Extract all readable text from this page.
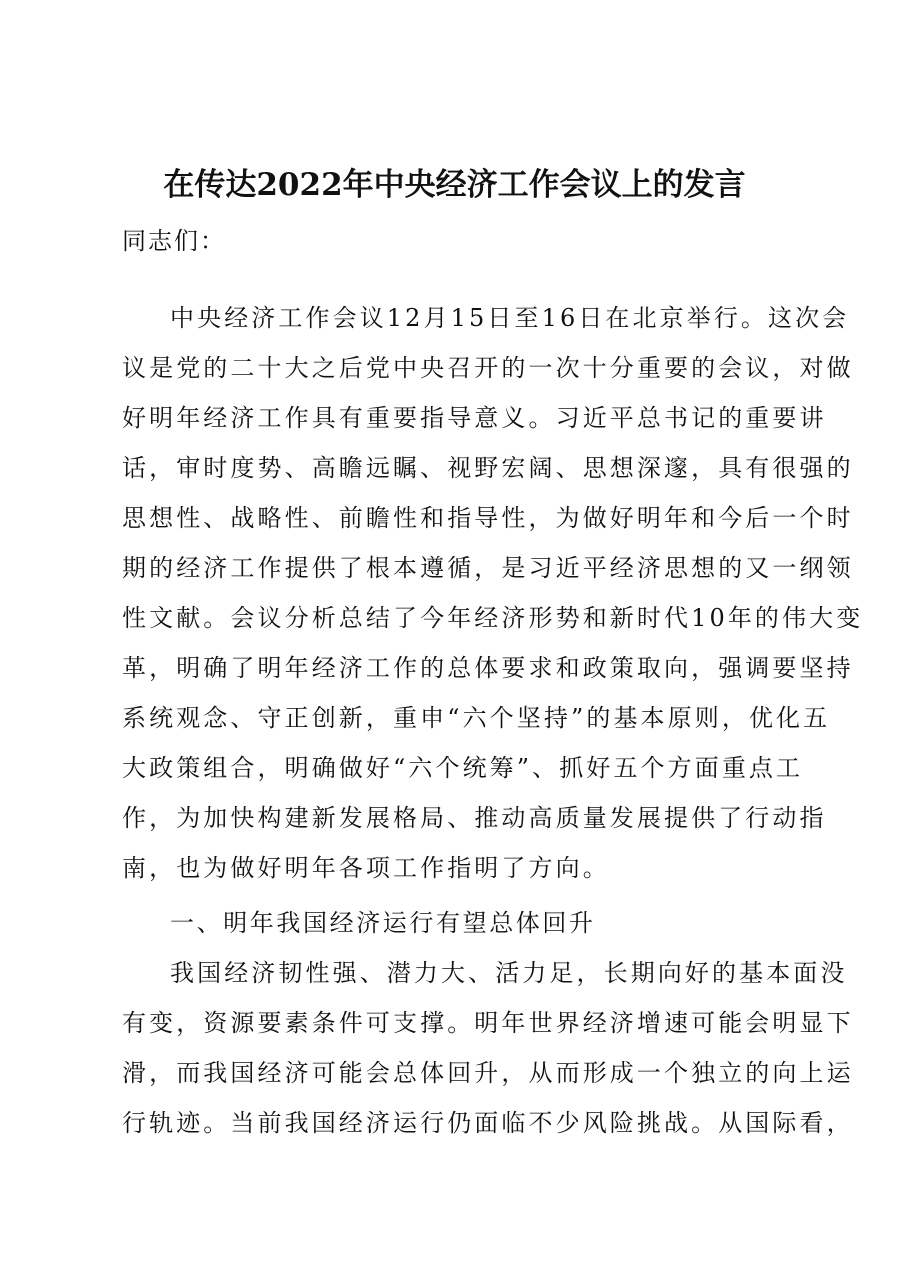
在传达2022年中央经济工作会议上的发言
同志们：
中央经济工作会议12月15日至16日在北京举行。这次会
议是党的二十大之后党中央召开的一次十分重要的会议，对做
好明年经济工作具有重要指导意义。习近平总书记的重要讲
话，审时度势、高瞻远瞩、视野宏阔、思想深邃，具有很强的
思想性、战略性、前瞻性和指导性，为做好明年和今后一个时
期的经济工作提供了根本遵循，是习近平经济思想的又一纲领
性文献。会议分析总结了今年经济形势和新时代10年的伟大变
革，明确了明年经济工作的总体要求和政策取向，强调要坚持
系统观念、守正创新，重申“六个坚持”的基本原则，优化五
大政策组合，明确做好“六个统筹”、抓好五个方面重点工
作，为加快构建新发展格局、推动高质量发展提供了行动指
南，也为做好明年各项工作指明了方向。
一、明年我国经济运行有望总体回升
我国经济韧性强、潜力大、活力足，长期向好的基本面没
有变，资源要素条件可支撑。明年世界经济增速可能会明显下
滑，而我国经济可能会总体回升，从而形成一个独立的向上运
行轨迹。当前我国经济运行仍面临不少风险挑战。从国际看，
